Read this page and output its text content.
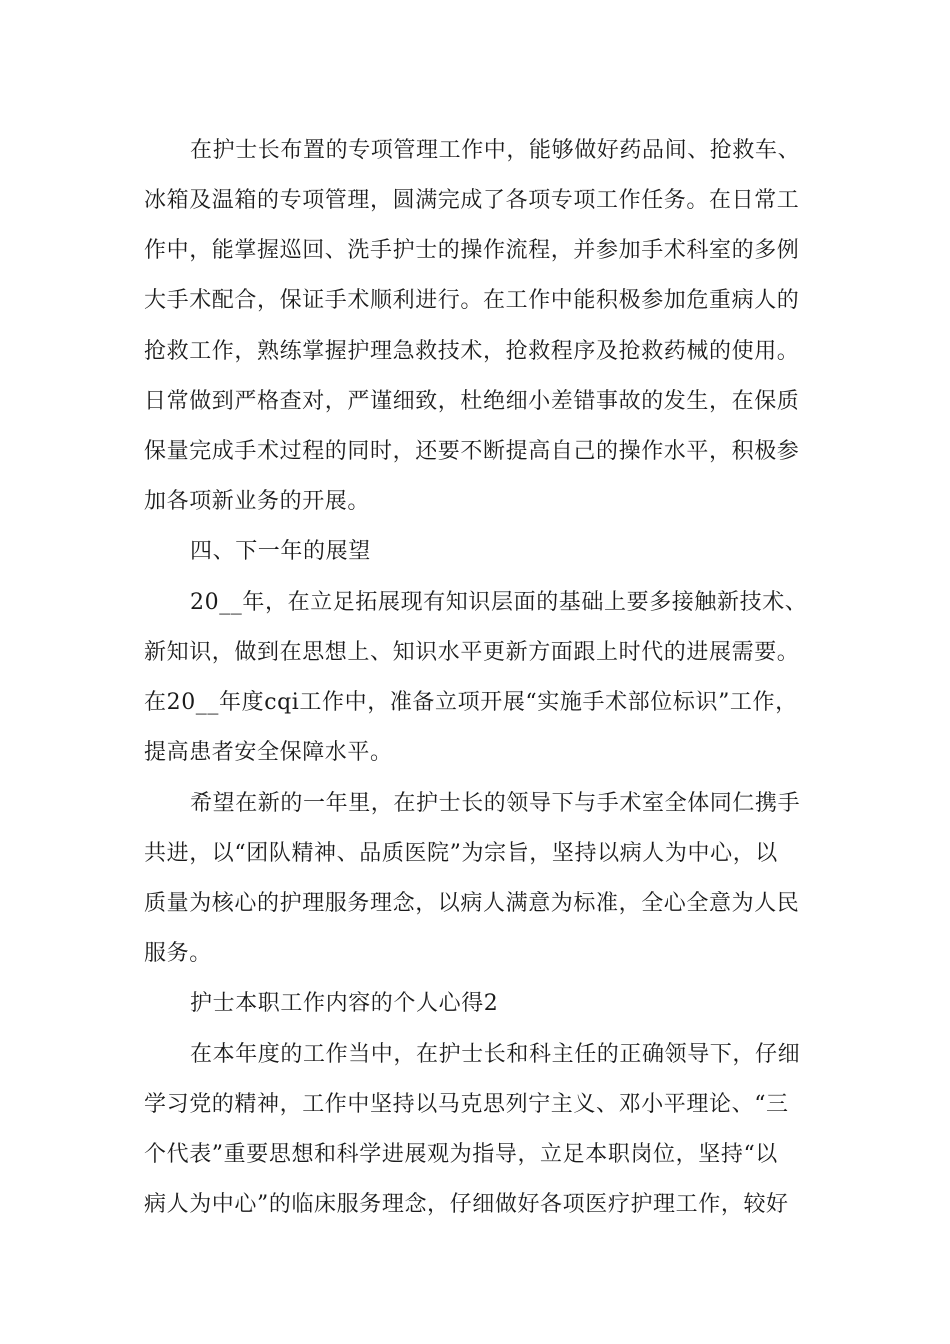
在护士长布置的专项管理工作中，能够做好药品间、抢救车、
冰箱及温箱的专项管理，圆满完成了各项专项工作任务。在日常工
作中，能掌握巡回、洗手护士的操作流程，并参加手术科室的多例
大手术配合，保证手术顺利进行。在工作中能积极参加危重病人的
抢救工作，熟练掌握护理急救技术，抢救程序及抢救药械的使用。
日常做到严格查对，严谨细致，杜绝细小差错事故的发生，在保质
保量完成手术过程的同时，还要不断提高自己的操作水平，积极参
加各项新业务的开展。
四、下一年的展望
20__年，在立足拓展现有知识层面的基础上要多接触新技术、
新知识，做到在思想上、知识水平更新方面跟上时代的进展需要。
在20__年度cqi工作中，准备立项开展“实施手术部位标识”工作，
提高患者安全保障水平。
希望在新的一年里，在护士长的领导下与手术室全体同仁携手
共进，以“团队精神、品质医院”为宗旨，坚持以病人为中心，以
质量为核心的护理服务理念，以病人满意为标准，全心全意为人民
服务。
护士本职工作内容的个人心得2
在本年度的工作当中，在护士长和科主任的正确领导下，仔细
学习党的精神，工作中坚持以马克思列宁主义、邓小平理论、“三
个代表”重要思想和科学进展观为指导，立足本职岗位，坚持“以
病人为中心”的临床服务理念，仔细做好各项医疗护理工作，较好
